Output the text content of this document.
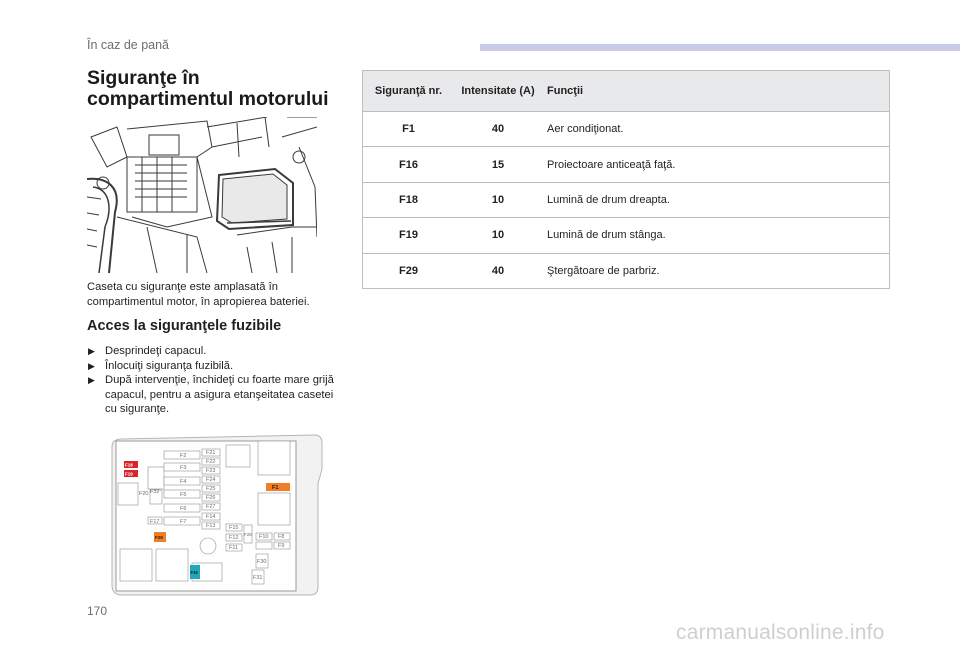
În caz de pană
Siguranţe în compartimentul motorului
Caseta cu siguranţe este amplasată în compartimentul motor, în apropierea bateriei.
Acces la siguranţele fuzibile
▶ Desprindeţi capacul.
▶ Înlocuiţi siguranţa fuzibilă.
▶ După intervenţie, închideţi cu foarte mare grijă capacul, pentru a asigura etanşeitatea casetei cu siguranţe.
F2
F3
F4
F5
F6
F7
F17
F21
F22
F23
F24
F25
F26
F27
F14
F13 F15
F12
F11
F28 F10
F9
F8
F30
F31
F20 F32
F1
F18
F19
F29
F16
Siguranţă nr.	Intensitate (A)	Funcţii
F1	40	Aer condiţionat.
F16	15	Proiectoare anticeaţă faţă.
F18	10	Lumină de drum dreapta.
F19	10	Lumină de drum stânga.
F29	40	Ştergătoare de parbriz.
170
carmanualsonline.info
